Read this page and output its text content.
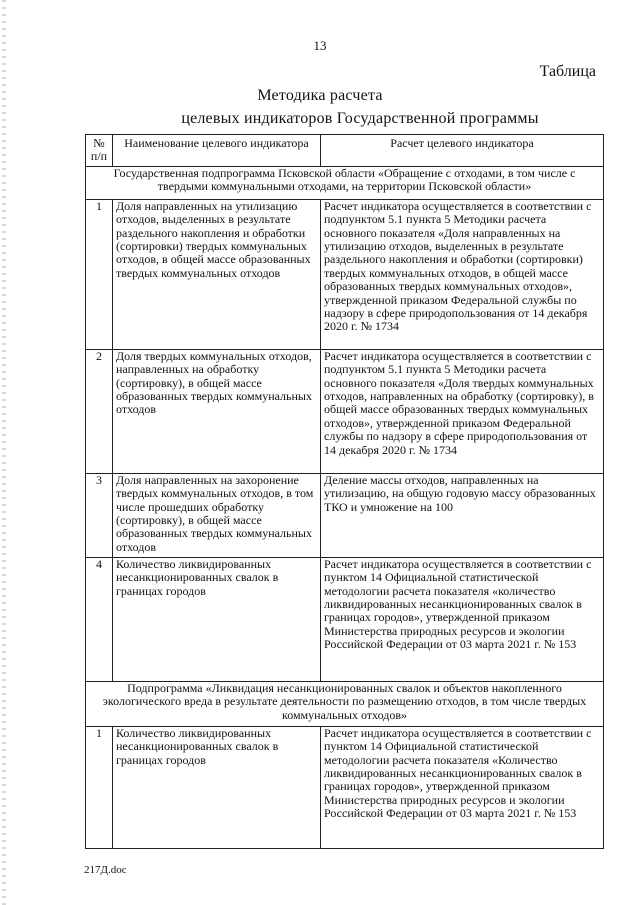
13
Таблица
Методика расчета
целевых индикаторов Государственной программы
№ п/п	Наименование целевого индикатора	Расчет целевого индикатора
Государственная подпрограмма Псковской области «Обращение с отходами, в том числе с твердыми коммунальными отходами, на территории Псковской области»		
1	Доля направленных на утилизацию отходов, выделенных в результате раздельного накопления и обработки (сортировки) твердых коммунальных отходов, в общей массе образованных твердых коммунальных отходов	Расчет индикатора осуществляется в соответствии с подпунктом 5.1 пункта 5 Методики расчета основного показателя «Доля направленных на утилизацию отходов, выделенных в результате раздельного накопления и обработки (сортировки) твердых коммунальных отходов, в общей массе образованных твердых коммунальных отходов», утвержденной приказом Федеральной службы по надзору в сфере природопользования от 14 декабря 2020 г. № 1734
2	Доля твердых коммунальных отходов, направленных на обработку (сортировку), в общей массе образованных твердых коммунальных отходов	Расчет индикатора осуществляется в соответствии с подпунктом 5.1 пункта 5 Методики расчета основного показателя «Доля твердых коммунальных отходов, направленных на обработку (сортировку), в общей массе образованных твердых коммунальных отходов», утвержденной приказом Федеральной службы по надзору в сфере природопользования от 14 декабря 2020 г. № 1734
3	Доля направленных на захоронение твердых коммунальных отходов, в том числе прошедших обработку (сортировку), в общей массе образованных твердых коммунальных отходов	Деление массы отходов, направленных на утилизацию, на общую годовую массу образованных ТКО и умножение на 100
4	Количество ликвидированных несанкционированных свалок в границах городов	Расчет индикатора осуществляется в соответствии с пунктом 14 Официальной статистической методологии расчета показателя «количество ликвидированных несанкционированных свалок в границах городов», утвержденной приказом Министерства природных ресурсов и экологии Российской Федерации от 03 марта 2021 г. № 153
Подпрограмма «Ликвидация несанкционированных свалок и объектов накопленного экологического вреда в результате деятельности по размещению отходов, в том числе твердых коммунальных отходов»		
1	Количество ликвидированных несанкционированных свалок в границах городов	Расчет индикатора осуществляется в соответствии с пунктом 14 Официальной статистической методологии расчета показателя «Количество ликвидированных несанкционированных свалок в границах городов», утвержденной приказом Министерства природных ресурсов и экологии Российской Федерации от 03 марта 2021 г. № 153
217Д.doc
